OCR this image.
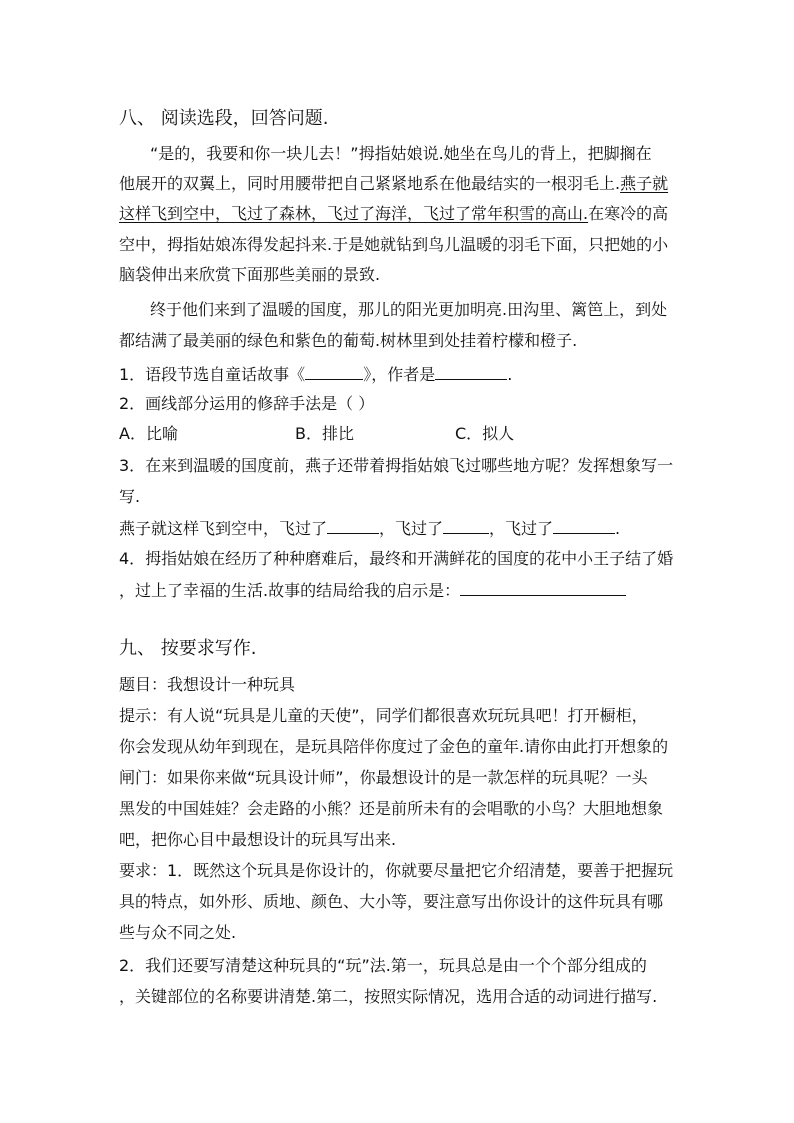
八、 阅读选段，回答问题.
“是的，我要和你一块儿去！”拇指姑娘说.她坐在鸟儿的背上，把脚搁在
他展开的双翼上，同时用腰带把自己紧紧地系在他最结实的一根羽毛上.燕子就
这样飞到空中，飞过了森林，飞过了海洋，飞过了常年积雪的高山.在寒冷的高
空中，拇指姑娘冻得发起抖来.于是她就钻到鸟儿温暖的羽毛下面，只把她的小
脑袋伸出来欣赏下面那些美丽的景致.
终于他们来到了温暖的国度，那儿的阳光更加明亮.田沟里、篱笆上，到处
都结满了最美丽的绿色和紫色的葡萄.树林里到处挂着柠檬和橙子.
1．语段节选自童话故事《	》，作者是	.
2．画线部分运用的修辞手法是（ ）
A．比喻	B．排比	C．拟人
3．在来到温暖的国度前，燕子还带着拇指姑娘飞过哪些地方呢？发挥想象写一
写.
燕子就这样飞到空中，飞过了	，飞过了	，飞过了	.
4．拇指姑娘在经历了种种磨难后，最终和开满鲜花的国度的花中小王子结了婚
，过上了幸福的生活.故事的结局给我的启示是：
九、 按要求写作.
题目：我想设计一种玩具
提示：有人说“玩具是儿童的天使”，同学们都很喜欢玩玩具吧！打开橱柜，
你会发现从幼年到现在，是玩具陪伴你度过了金色的童年.请你由此打开想象的
闸门：如果你来做“玩具设计师”，你最想设计的是一款怎样的玩具呢？一头
黑发的中国娃娃？会走路的小熊？还是前所未有的会唱歌的小鸟？大胆地想象
吧，把你心目中最想设计的玩具写出来.
要求：1．既然这个玩具是你设计的，你就要尽量把它介绍清楚，要善于把握玩
具的特点，如外形、质地、颜色、大小等，要注意写出你设计的这件玩具有哪
些与众不同之处.
2．我们还要写清楚这种玩具的“玩”法.第一，玩具总是由一个个部分组成的
，关键部位的名称要讲清楚.第二，按照实际情况，选用合适的动词进行描写.
